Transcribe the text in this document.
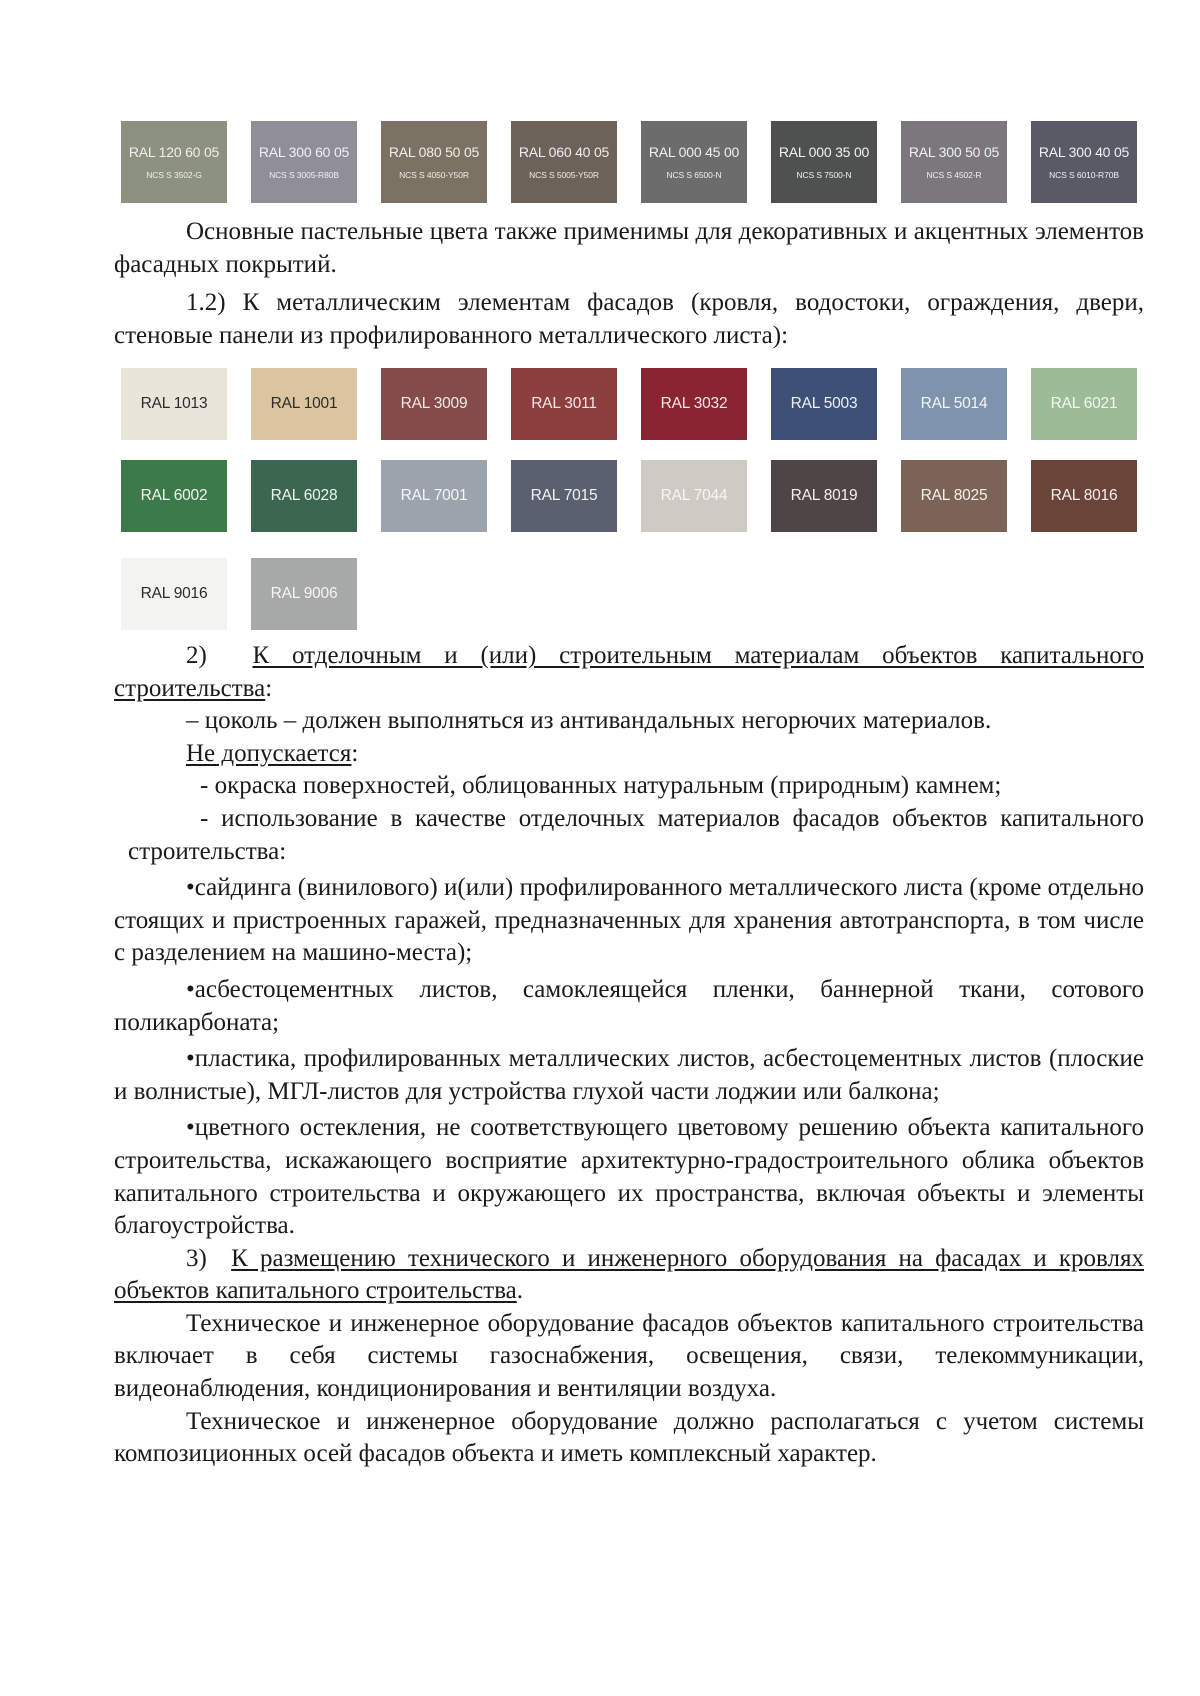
RAL 120 60 05
NCS S 3502-G
RAL 300 60 05
NCS S 3005-R80B
RAL 080 50 05
NCS S 4050-Y50R
RAL 060 40 05
NCS S 5005-Y50R
RAL 000 45 00
NCS S 6500-N
RAL 000 35 00
NCS S 7500-N
RAL 300 50 05
NCS S 4502-R
RAL 300 40 05
NCS S 6010-R70B

Основные пастельные цвета также применимы для декоративных и акцентных элементов фасадных покрытий.

1.2) К металлическим элементам фасадов (кровля, водостоки, ограждения, двери, стеновые панели из профилированного металлического листа):

RAL 1013	RAL 1001	RAL 3009	RAL 3011	RAL 3032	RAL 5003	RAL 5014	RAL 6021
RAL 6002	RAL 6028	RAL 7001	RAL 7015	RAL 7044	RAL 8019	RAL 8025	RAL 8016
RAL 9016	RAL 9006

2) К отделочным и (или) строительным материалам объектов капитального строительства:

– цоколь – должен выполняться из антивандальных негорючих материалов.

Не допускается:

- окраска поверхностей, облицованных натуральным (природным) камнем;

- использование в качестве отделочных материалов фасадов объектов капитального строительства:

•сайдинга (винилового) и(или) профилированного металлического листа (кроме отдельно стоящих и пристроенных гаражей, предназначенных для хранения автотранспорта, в том числе с разделением на машино-места);

•асбестоцементных листов, самоклеящейся пленки, баннерной ткани, сотового поликарбоната;

•пластика, профилированных металлических листов, асбестоцементных листов (плоские и волнистые), МГЛ-листов для устройства глухой части лоджии или балкона;

•цветного остекления, не соответствующего цветовому решению объекта капитального строительства, искажающего восприятие архитектурно-градостроительного облика объектов капитального строительства и окружающего их пространства, включая объекты и элементы благоустройства.

3) К размещению технического и инженерного оборудования на фасадах и кровлях объектов капитального строительства.

Техническое и инженерное оборудование фасадов объектов капитального строительства включает в себя системы газоснабжения, освещения, связи, телекоммуникации, видеонаблюдения, кондиционирования и вентиляции воздуха.

Техническое и инженерное оборудование должно располагаться с учетом системы композиционных осей фасадов объекта и иметь комплексный характер.
